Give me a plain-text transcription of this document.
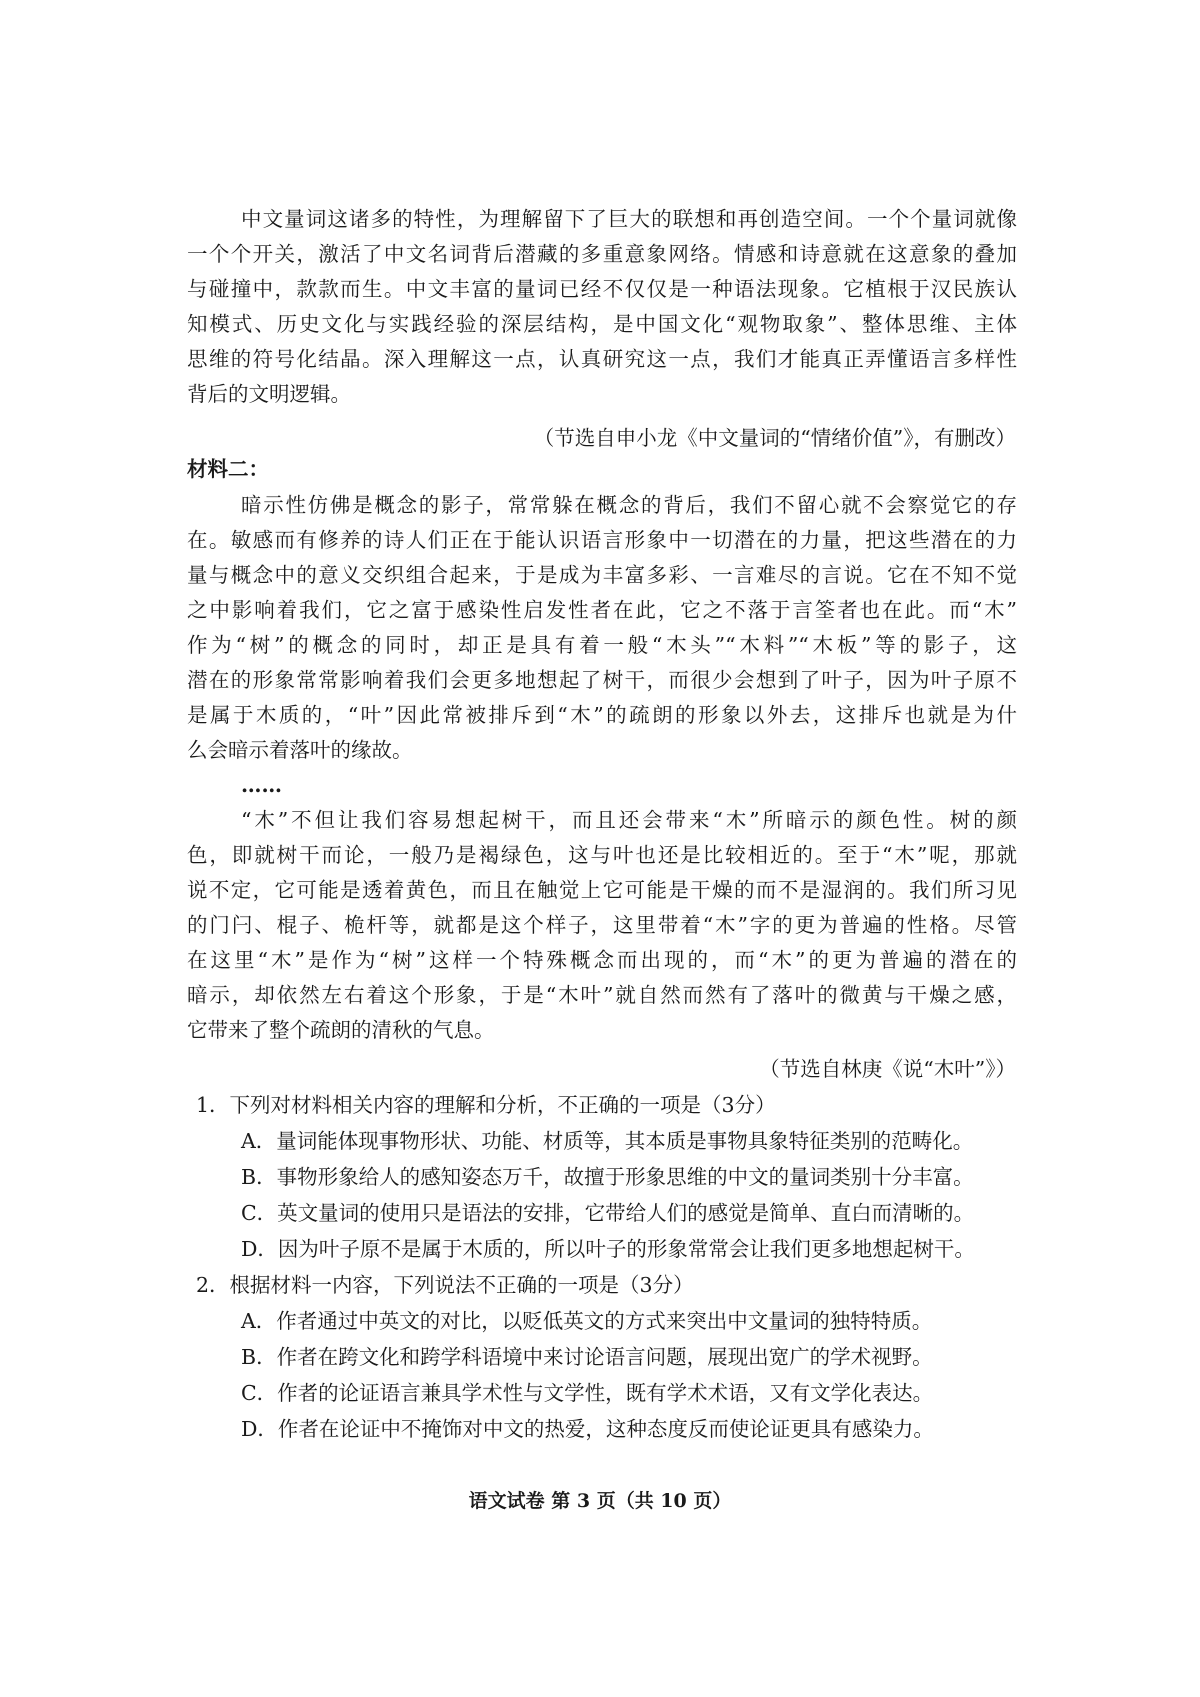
中文量词这诸多的特性，为理解留下了巨大的联想和再创造空间。一个个量词就像
一个个开关，激活了中文名词背后潜藏的多重意象网络。情感和诗意就在这意象的叠加
与碰撞中，款款而生。中文丰富的量词已经不仅仅是一种语法现象。它植根于汉民族认
知模式、历史文化与实践经验的深层结构，是中国文化“观物取象”、整体思维、主体
思维的符号化结晶。深入理解这一点，认真研究这一点，我们才能真正弄懂语言多样性
背后的文明逻辑。
（节选自申小龙《中文量词的“情绪价值”》，有删改）
材料二：
暗示性仿佛是概念的影子，常常躲在概念的背后，我们不留心就不会察觉它的存
在。敏感而有修养的诗人们正在于能认识语言形象中一切潜在的力量，把这些潜在的力
量与概念中的意义交织组合起来，于是成为丰富多彩、一言难尽的言说。它在不知不觉
之中影响着我们，它之富于感染性启发性者在此，它之不落于言筌者也在此。而“木”
作为“树”的概念的同时，却正是具有着一般“木头”“木料”“木板”等的影子，这
潜在的形象常常影响着我们会更多地想起了树干，而很少会想到了叶子，因为叶子原不
是属于木质的，“叶”因此常被排斥到“木”的疏朗的形象以外去，这排斥也就是为什
么会暗示着落叶的缘故。
……
“木”不但让我们容易想起树干，而且还会带来“木”所暗示的颜色性。树的颜
色，即就树干而论，一般乃是褐绿色，这与叶也还是比较相近的。至于“木”呢，那就
说不定，它可能是透着黄色，而且在触觉上它可能是干燥的而不是湿润的。我们所习见
的门闩、棍子、桅杆等，就都是这个样子，这里带着“木”字的更为普遍的性格。尽管
在这里“木”是作为“树”这样一个特殊概念而出现的，而“木”的更为普遍的潜在的
暗示，却依然左右着这个形象，于是“木叶”就自然而然有了落叶的微黄与干燥之感，
它带来了整个疏朗的清秋的气息。
（节选自林庚《说“木叶”》）
1．下列对材料相关内容的理解和分析，不正确的一项是（3分）
A．量词能体现事物形状、功能、材质等，其本质是事物具象特征类别的范畴化。
B．事物形象给人的感知姿态万千，故擅于形象思维的中文的量词类别十分丰富。
C．英文量词的使用只是语法的安排，它带给人们的感觉是简单、直白而清晰的。
D．因为叶子原不是属于木质的，所以叶子的形象常常会让我们更多地想起树干。
2．根据材料一内容，下列说法不正确的一项是（3分）
A．作者通过中英文的对比，以贬低英文的方式来突出中文量词的独特特质。
B．作者在跨文化和跨学科语境中来讨论语言问题，展现出宽广的学术视野。
C．作者的论证语言兼具学术性与文学性，既有学术术语，又有文学化表达。
D．作者在论证中不掩饰对中文的热爱，这种态度反而使论证更具有感染力。
语文试卷 第 3 页（共 10 页）
